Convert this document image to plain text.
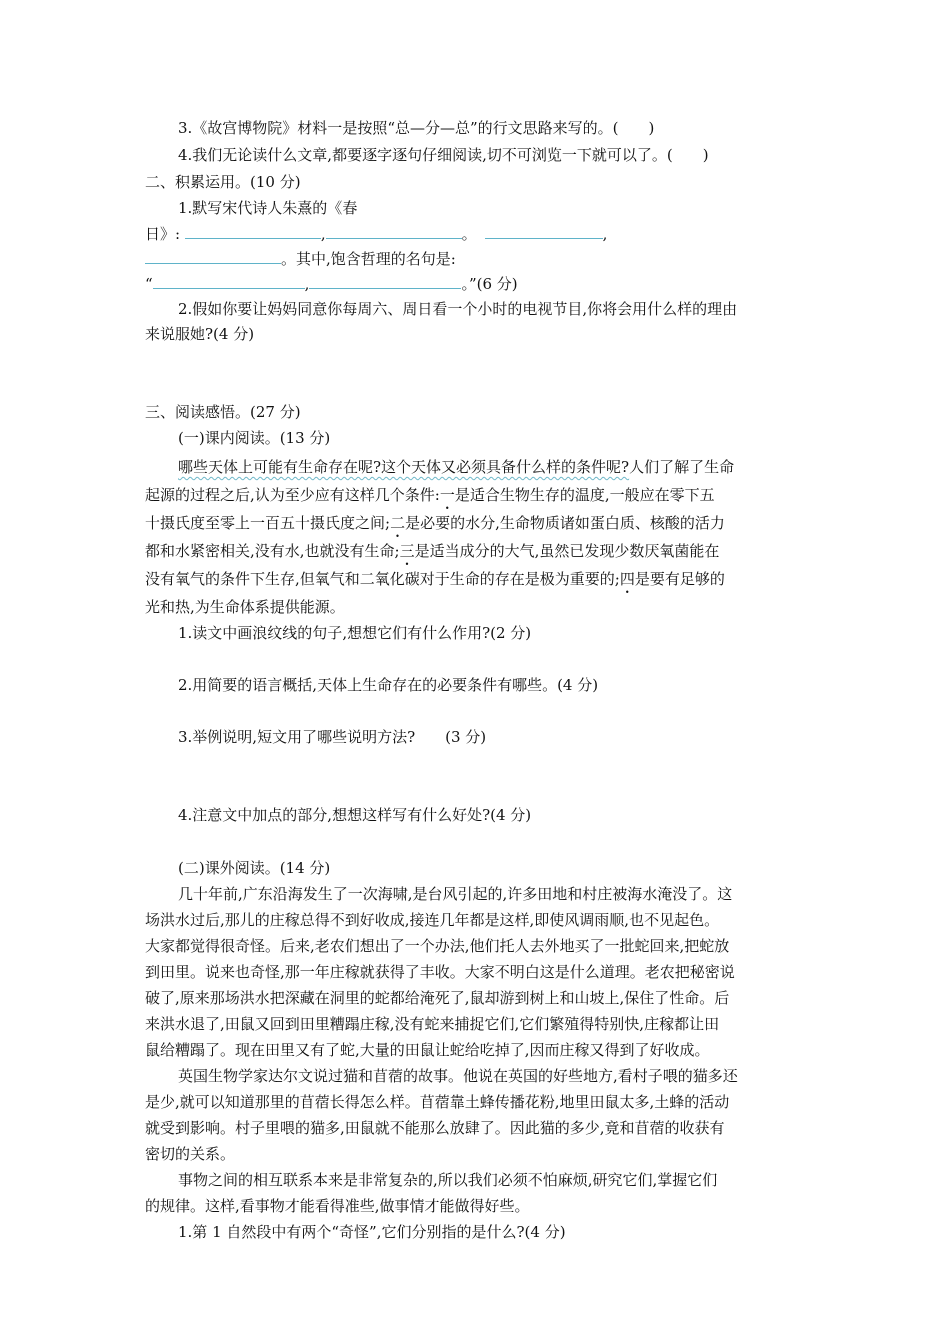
3.《故宫博物院》材料一是按照“总—分—总”的行文思路来写的。(　　)
4.我们无论读什么文章,都要逐字逐句仔细阅读,切不可浏览一下就可以了。(　　)
二、积累运用。(10 分)
1.默写宋代诗人朱熹的《春
日》:	,	。	,
。其中,饱含哲理的名句是:
“	,	。”(6 分)
2.假如你要让妈妈同意你每周六、周日看一个小时的电视节目,你将会用什么样的理由
来说服她?(4 分)
三、阅读感悟。(27 分)
(一)课内阅读。(13 分)
哪些天体上可能有生命存在呢?这个天体又必须具备什么样的条件呢?人们了解了生命
起源的过程之后,认为至少应有这样几个条件:一是适合生物生存的温度,一般应在零下五
十摄氏度至零上一百五十摄氏度之间;二是必要的水分,生命物质诸如蛋白质、核酸的活力
都和水紧密相关,没有水,也就没有生命;三是适当成分的大气,虽然已发现少数厌氧菌能在
没有氧气的条件下生存,但氧气和二氧化碳对于生命的存在是极为重要的;四是要有足够的
光和热,为生命体系提供能源。
1.读文中画浪纹线的句子,想想它们有什么作用?(2 分)
2.用简要的语言概括,天体上生命存在的必要条件有哪些。(4 分)
3.举例说明,短文用了哪些说明方法?　　(3 分)
4.注意文中加点的部分,想想这样写有什么好处?(4 分)
(二)课外阅读。(14 分)
几十年前,广东沿海发生了一次海啸,是台风引起的,许多田地和村庄被海水淹没了。这
场洪水过后,那儿的庄稼总得不到好收成,接连几年都是这样,即使风调雨顺,也不见起色。
大家都觉得很奇怪。后来,老农们想出了一个办法,他们托人去外地买了一批蛇回来,把蛇放
到田里。说来也奇怪,那一年庄稼就获得了丰收。大家不明白这是什么道理。老农把秘密说
破了,原来那场洪水把深藏在洞里的蛇都给淹死了,鼠却游到树上和山坡上,保住了性命。后
来洪水退了,田鼠又回到田里糟蹋庄稼,没有蛇来捕捉它们,它们繁殖得特别快,庄稼都让田
鼠给糟蹋了。现在田里又有了蛇,大量的田鼠让蛇给吃掉了,因而庄稼又得到了好收成。
英国生物学家达尔文说过猫和苜蓿的故事。他说在英国的好些地方,看村子喂的猫多还
是少,就可以知道那里的苜蓿长得怎么样。苜蓿靠土蜂传播花粉,地里田鼠太多,土蜂的活动
就受到影响。村子里喂的猫多,田鼠就不能那么放肆了。因此猫的多少,竟和苜蓿的收获有
密切的关系。
事物之间的相互联系本来是非常复杂的,所以我们必须不怕麻烦,研究它们,掌握它们
的规律。这样,看事物才能看得准些,做事情才能做得好些。
1.第 1 自然段中有两个“奇怪”,它们分别指的是什么?(4 分)
